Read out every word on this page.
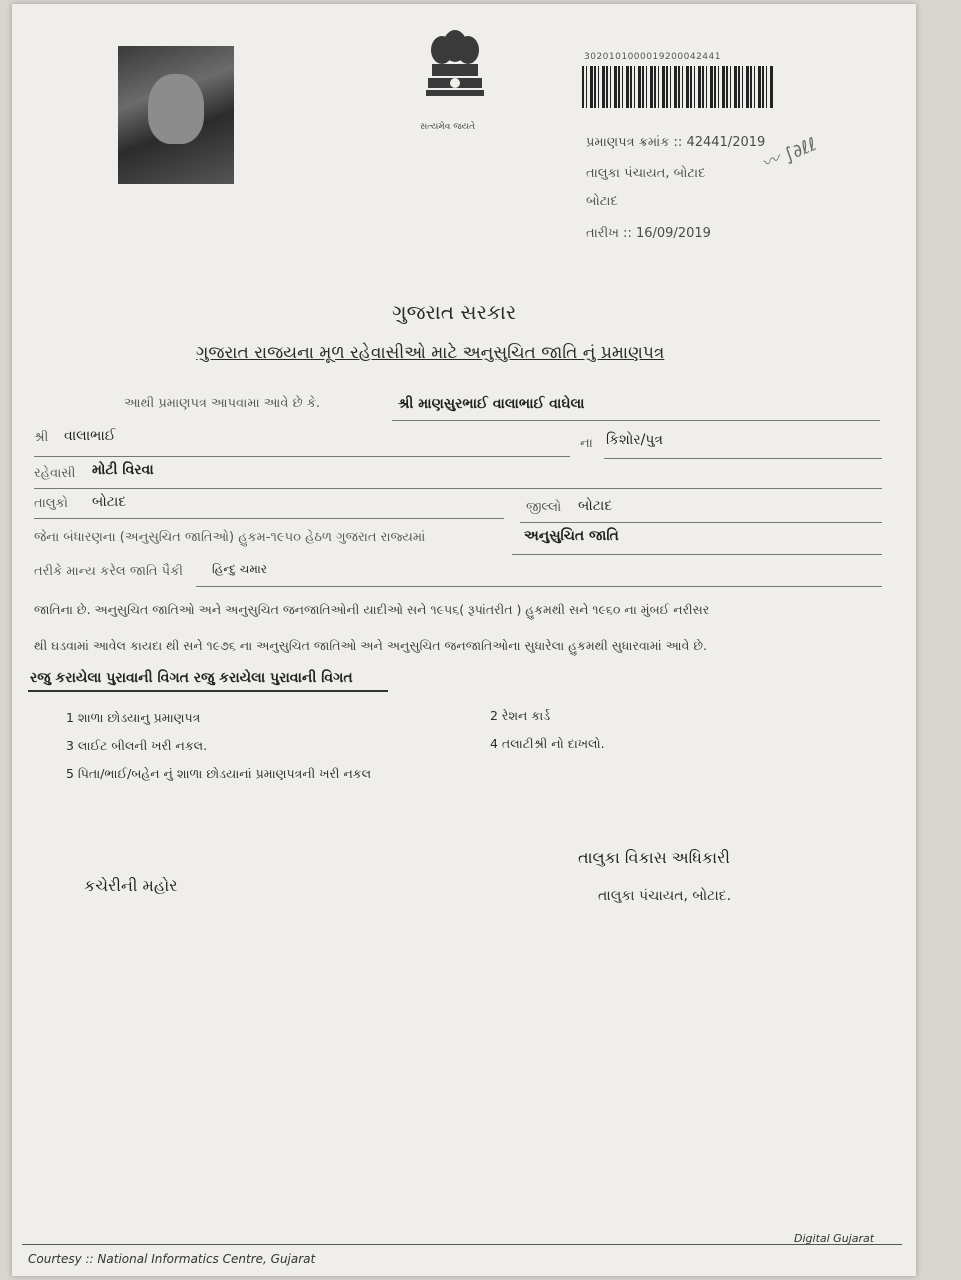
સત્યમેવ જયતે
3020101000019200042441
પ્રમાણપત્ર ક્રમાંક :: 42441/2019
તાલુકા પંચાયત, બોટાદ
બોટાદ
તારીખ :: 16/09/2019
〰 ∫∂ℓℓ
ગુજરાત સરકાર
ગુજરાત રાજયના મૂળ રહેવાસીઓ માટે અનુસુચિત જાતિ નું પ્રમાણપત્ર
આથી પ્રમાણપત્ર આપવામા આવે છે કે.	શ્રી માણસુરભાઈ વાલાભાઈ વાઘેલા
શ્રી વાલાભાઈ	ના કિશોર/પુત્ર
રહેવાસી મોટી વિરવા
તાલુકો બોટાદ	જીલ્લો બોટાદ
જેના બંધારણના (અનુસુચિત જાતિઓ) હુકમ-૧૯૫૦ હેઠળ ગુજરાત રાજ્યમાં	અનુસુચિત જાતિ
તરીકે માન્ય કરેલ જાતિ પૈકી હિન્દુ ચમાર
જાતિના છે. અનુસુચિત જાતિઓ અને અનુસુચિત જનજાતિઓની યાદીઓ સને ૧૯૫૬( રૂપાંતરીત ) હુકમથી સને ૧૯૬૦ ના મુંબઈ નરીસર
થી ઘડવામાં આવેલ કાયદા થી સને ૧૯૭૬ ના અનુસુચિત જાતિઓ અને અનુસુચિત જનજાતિઓના સુધારેલા હુકમથી સુધારવામાં આવે છે.
રજુ કરાયેલા પુરાવાની વિગત રજુ કરાયેલા પુરાવાની વિગત
1 શાળા છોડયાનુ પ્રમાણપત્ર	2 રેશન કાર્ડ
3 લાઈટ બીલની ખરી નકલ.	4 તલાટીશ્રી નો દાખલો.
5 પિતા/ભાઈ/બહેન નું શાળા છોડયાનાં પ્રમાણપત્રની ખરી નકલ
તાલુકા વિકાસ અધિકારી
કચેરીની મહોર
તાલુકા પંચાયત, બોટાદ.
Courtesy :: National Informatics Centre, Gujarat
Digital Gujarat
